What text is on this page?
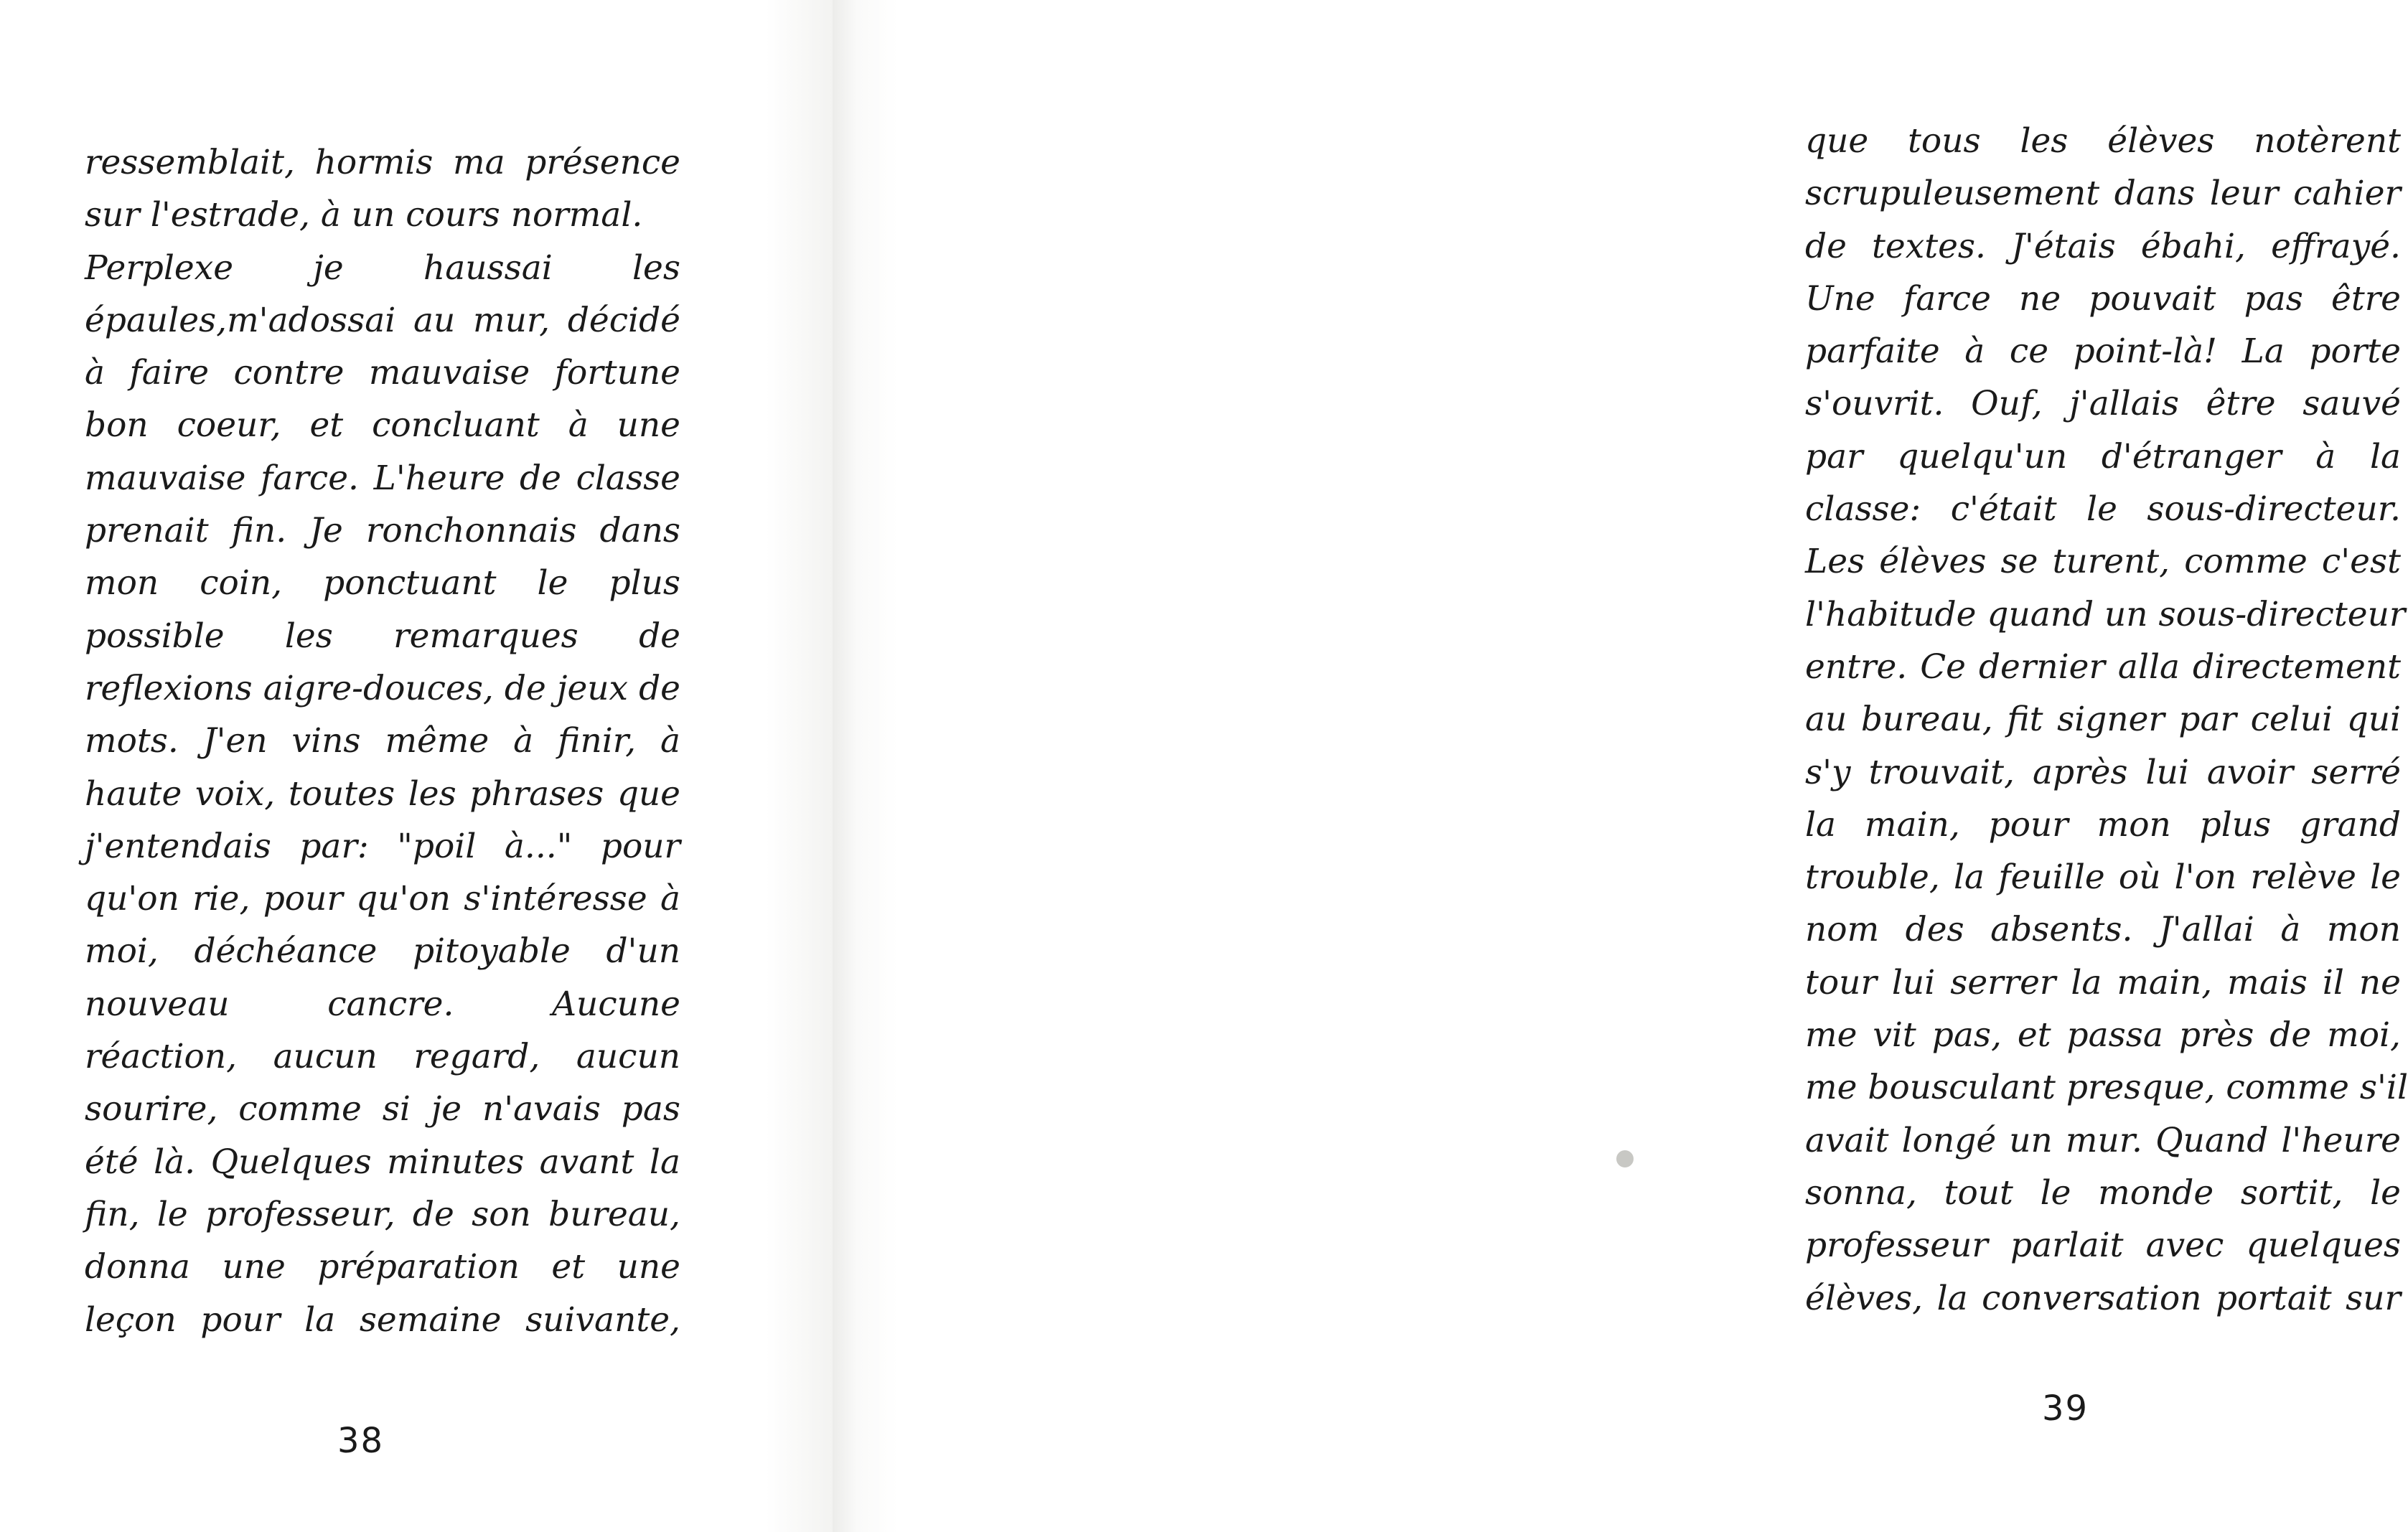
ressemblait, hormis ma présence
sur l'estrade, à un cours normal.
Perplexe je haussai les
épaules,m'adossai au mur, décidé
à faire contre mauvaise fortune
bon coeur, et concluant à une
mauvaise farce. L'heure de classe
prenait fin. Je ronchonnais dans
mon coin, ponctuant le plus
possible les remarques de
reflexions aigre-douces, de jeux de
mots. J'en vins même à finir, à
haute voix, toutes les phrases que
j'entendais par: "poil à..." pour
qu'on rie, pour qu'on s'intéresse à
moi, déchéance pitoyable d'un
nouveau cancre. Aucune
réaction, aucun regard, aucun
sourire, comme si je n'avais pas
été là. Quelques minutes avant la
fin, le professeur, de son bureau,
donna une préparation et une
leçon pour la semaine suivante,
38
que tous les élèves notèrent
scrupuleusement dans leur cahier
de textes. J'étais ébahi, effrayé.
Une farce ne pouvait pas être
parfaite à ce point-là! La porte
s'ouvrit. Ouf, j'allais être sauvé
par quelqu'un d'étranger à la
classe: c'était le sous-directeur.
Les élèves se turent, comme c'est
l'habitude quand un sous-directeur
entre. Ce dernier alla directement
au bureau, fit signer par celui qui
s'y trouvait, après lui avoir serré
la main, pour mon plus grand
trouble, la feuille où l'on relève le
nom des absents. J'allai à mon
tour lui serrer la main, mais il ne
me vit pas, et passa près de moi,
me bousculant presque, comme s'il
avait longé un mur. Quand l'heure
sonna, tout le monde sortit, le
professeur parlait avec quelques
élèves, la conversation portait sur
39
